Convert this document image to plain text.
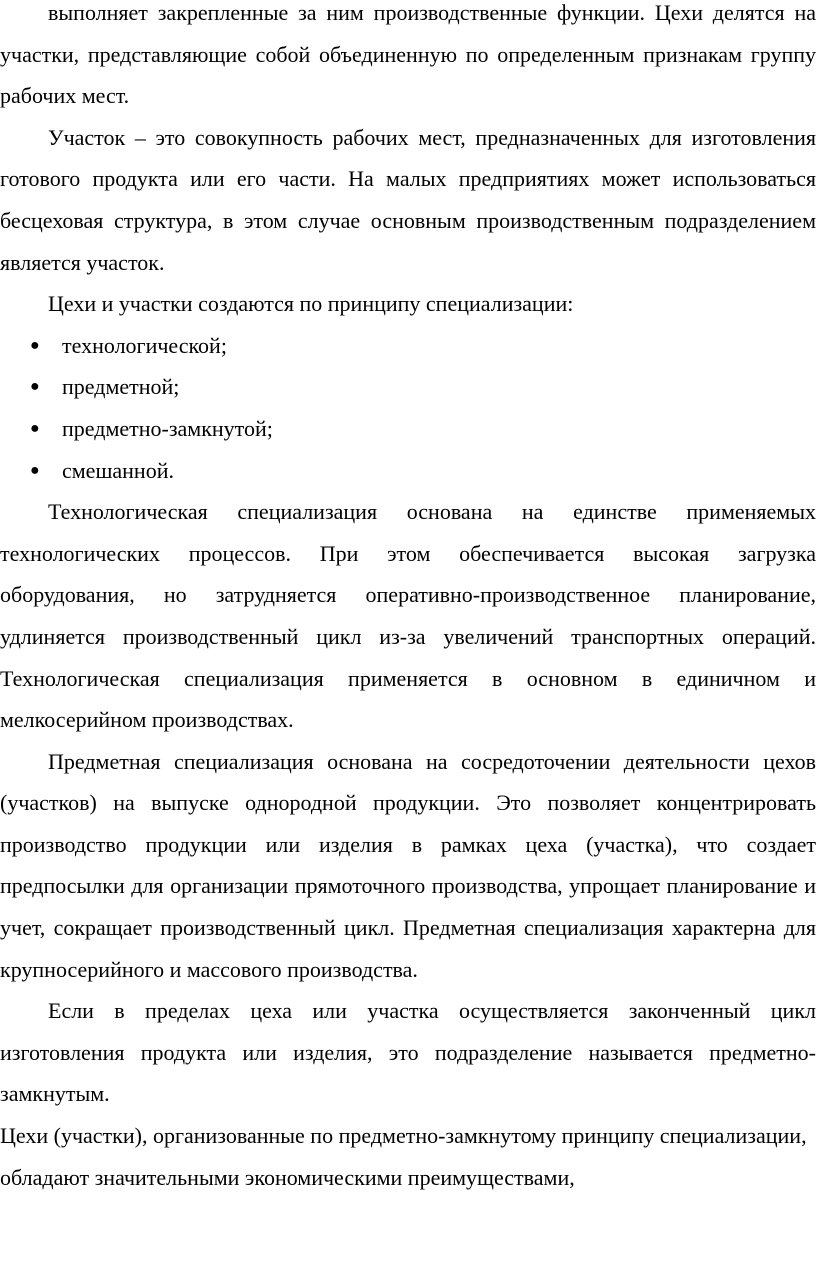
выполняет закрепленные за ним производственные функции. Цехи делятся на участки, представляющие собой объединенную по определенным признакам группу рабочих мест.

Участок – это совокупность рабочих мест, предназначенных для изготовления готового продукта или его части. На малых предприятиях может использоваться бесцеховая структура, в этом случае основным производственным подразделением является участок.

Цехи и участки создаются по принципу специализации:

● технологической;
● предметной;
● предметно-замкнутой;
● смешанной.

Технологическая специализация основана на единстве применяемых технологических процессов. При этом обеспечивается высокая загрузка оборудования, но затрудняется оперативно-производственное планирование, удлиняется производственный цикл из-за увеличений транспортных операций. Технологическая специализация применяется в основном в единичном и мелкосерийном производствах.

Предметная специализация основана на сосредоточении деятельности цехов (участков) на выпуске однородной продукции. Это позволяет концентрировать производство продукции или изделия в рамках цеха (участка), что создает предпосылки для организации прямоточного производства, упрощает планирование и учет, сокращает производственный цикл. Предметная специализация характерна для крупносерийного и массового производства.

Если в пределах цеха или участка осуществляется законченный цикл изготовления продукта или изделия, это подразделение называется предметно-замкнутым.

Цехи (участки), организованные по предметно-замкнутому принципу специализации, обладают значительными экономическими преимуществами,
